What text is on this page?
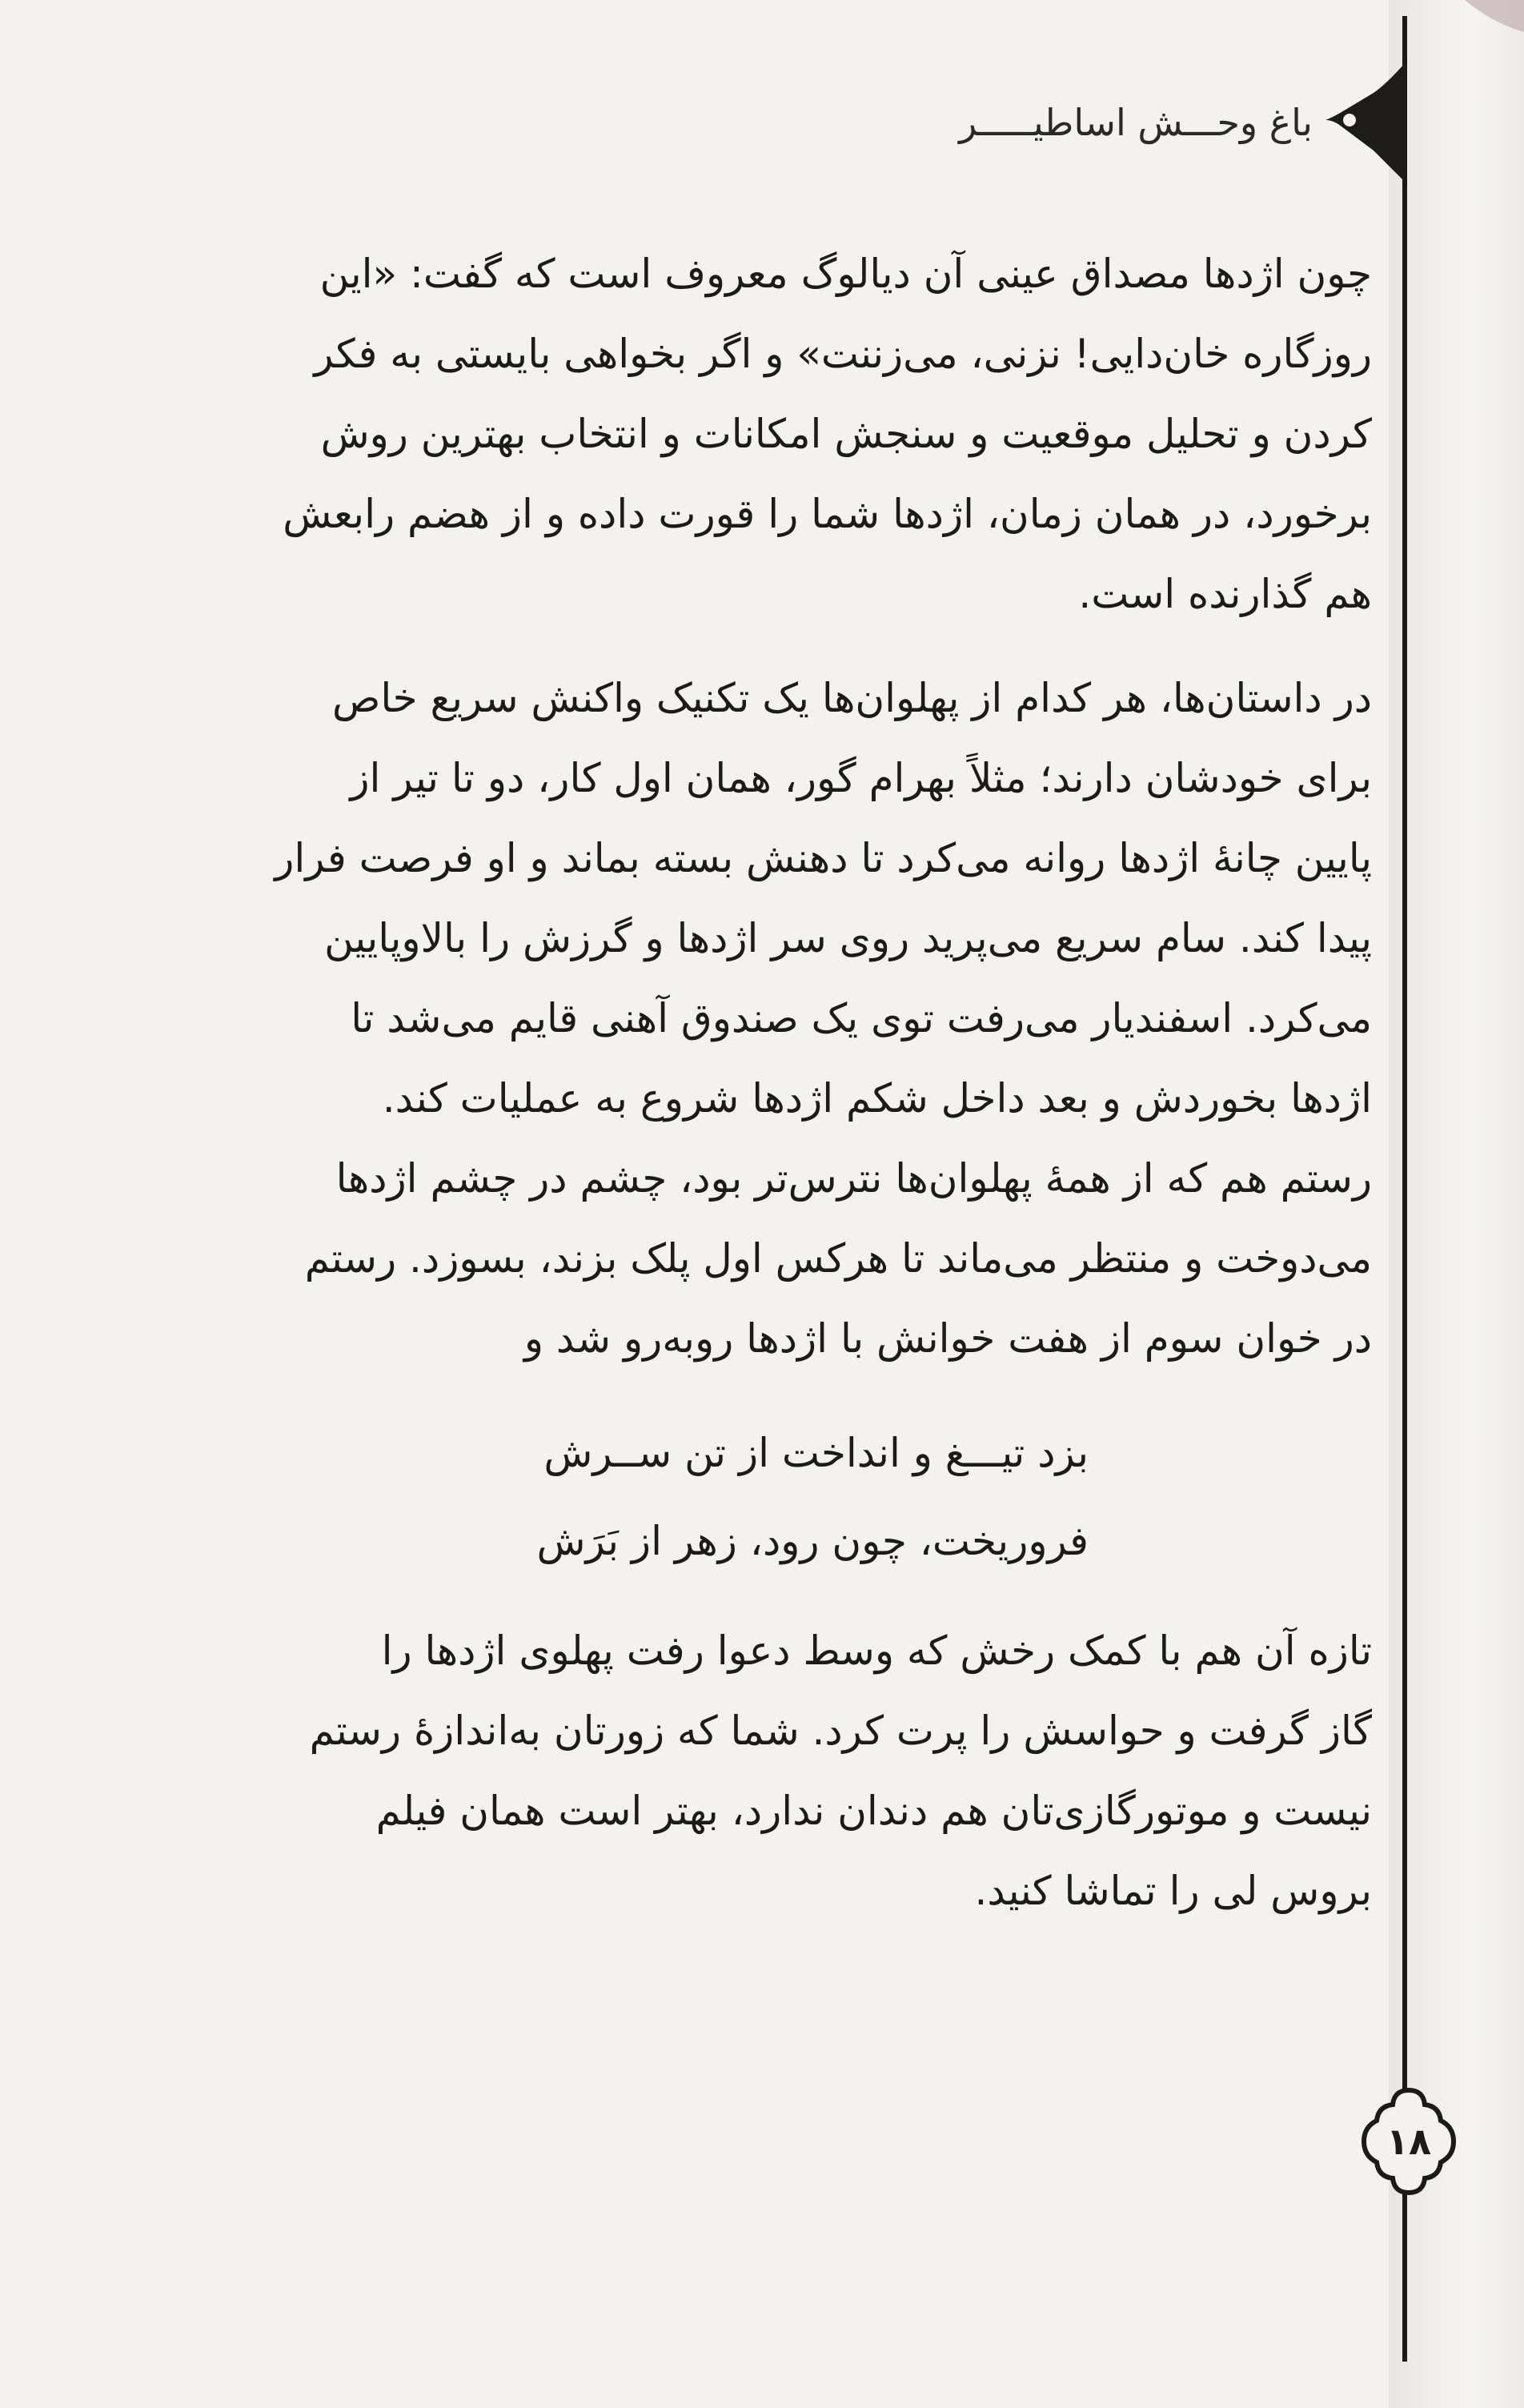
باغ وحـــش اساطیـــــر
چون اژدها مصداق عینی آن دیالوگ معروف است که گفت: «این
روزگاره خان‌دایی! نزنی، می‌زننت» و اگر بخواهی بایستی به فکر
کردن و تحلیل موقعیت و سنجش امکانات و انتخاب بهترین روش
برخورد، در همان زمان، اژدها شما را قورت داده و از هضم رابعش
هم گذارنده است.
در داستان‌ها، هر کدام از پهلوان‌ها یک تکنیک واکنش سریع خاص
برای خودشان دارند؛ مثلاً بهرام گور، همان اول کار، دو تا تیر از
پایین چانهٔ اژدها روانه می‌کرد تا دهنش بسته بماند و او فرصت فرار
پیدا کند. سام سریع می‌پرید روی سر اژدها و گرزش را بالاوپایین
می‌کرد. اسفندیار می‌رفت توی یک صندوق آهنی قایم می‌شد تا
اژدها بخوردش و بعد داخل شکم اژدها شروع به عملیات کند.
رستم هم که از همهٔ پهلوان‌ها نترس‌تر بود، چشم در چشم اژدها
می‌دوخت و منتظر می‌ماند تا هرکس اول پلک بزند، بسوزد. رستم
در خوان سوم از هفت خوانش با اژدها روبه‌رو شد و
بزد تیـــغ و انداخت از تن ســرش
فروریخت، چون رود، زهر از بَرَش
تازه آن هم با کمک رخش که وسط دعوا رفت پهلوی اژدها را
گاز گرفت و حواسش را پرت کرد. شما که زورتان به‌اندازهٔ رستم
نیست و موتورگازی‌تان هم دندان ندارد، بهتر است همان فیلم
بروس لی را تماشا کنید.
۱۸
